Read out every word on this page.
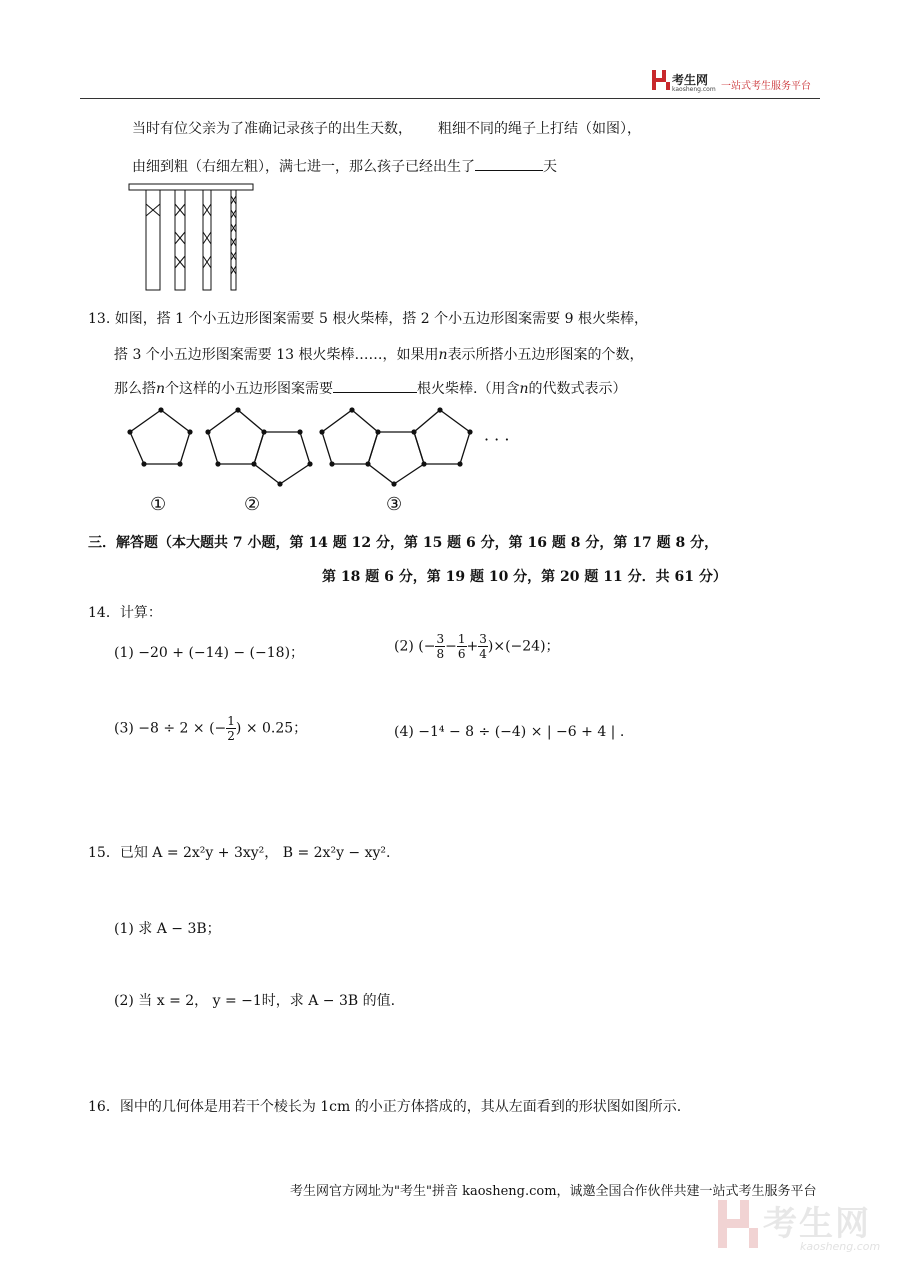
考生网
kaosheng.com 一站式考生服务平台
当时有位父亲为了准确记录孩子的出生天数， 粗细不同的绳子上打结（如图），
由细到粗（右细左粗），满七进一，那么孩子已经出生了	天
13. 如图，搭 1 个小五边形图案需要 5 根火柴棒，搭 2 个小五边形图案需要 9 根火柴棒，
搭 3 个小五边形图案需要 13 根火柴棒……，如果用n表示所搭小五边形图案的个数，
那么搭n个这样的小五边形图案需要	根火柴棒.（用含n的代数式表示）
· · ·
①	②	③
三．解答题（本大题共 7 小题，第 14 题 12 分，第 15 题 6 分，第 16 题 8 分，第 17 题 8 分，
第 18 题 6 分，第 19 题 10 分，第 20 题 11 分．共 61 分）
14．计算：
(1) −20 + (−14) − (−18)；	(2) (− $\frac{3}{8} - \frac{1}{6} + \frac{3}{4} )\times(-24)$；
(3) −8 ÷ 2 × (− $\frac{1}{2}$ ) × 0.25；	(4) −1⁴ − 8 ÷ (−4) × | −6 + 4 | .
15．已知 A = 2x²y + 3xy²， B = 2x²y − xy².
(1) 求 A − 3B；
(2) 当 x = 2， y = −1时，求 A − 3B 的值.
16．图中的几何体是用若干个棱长为 1cm 的小正方体搭成的，其从左面看到的形状图如图所示.
考生网官方网址为"考生"拼音 kaosheng.com，诚邀全国合作伙伴共建一站式考生服务平台
考生网
kaosheng.com
